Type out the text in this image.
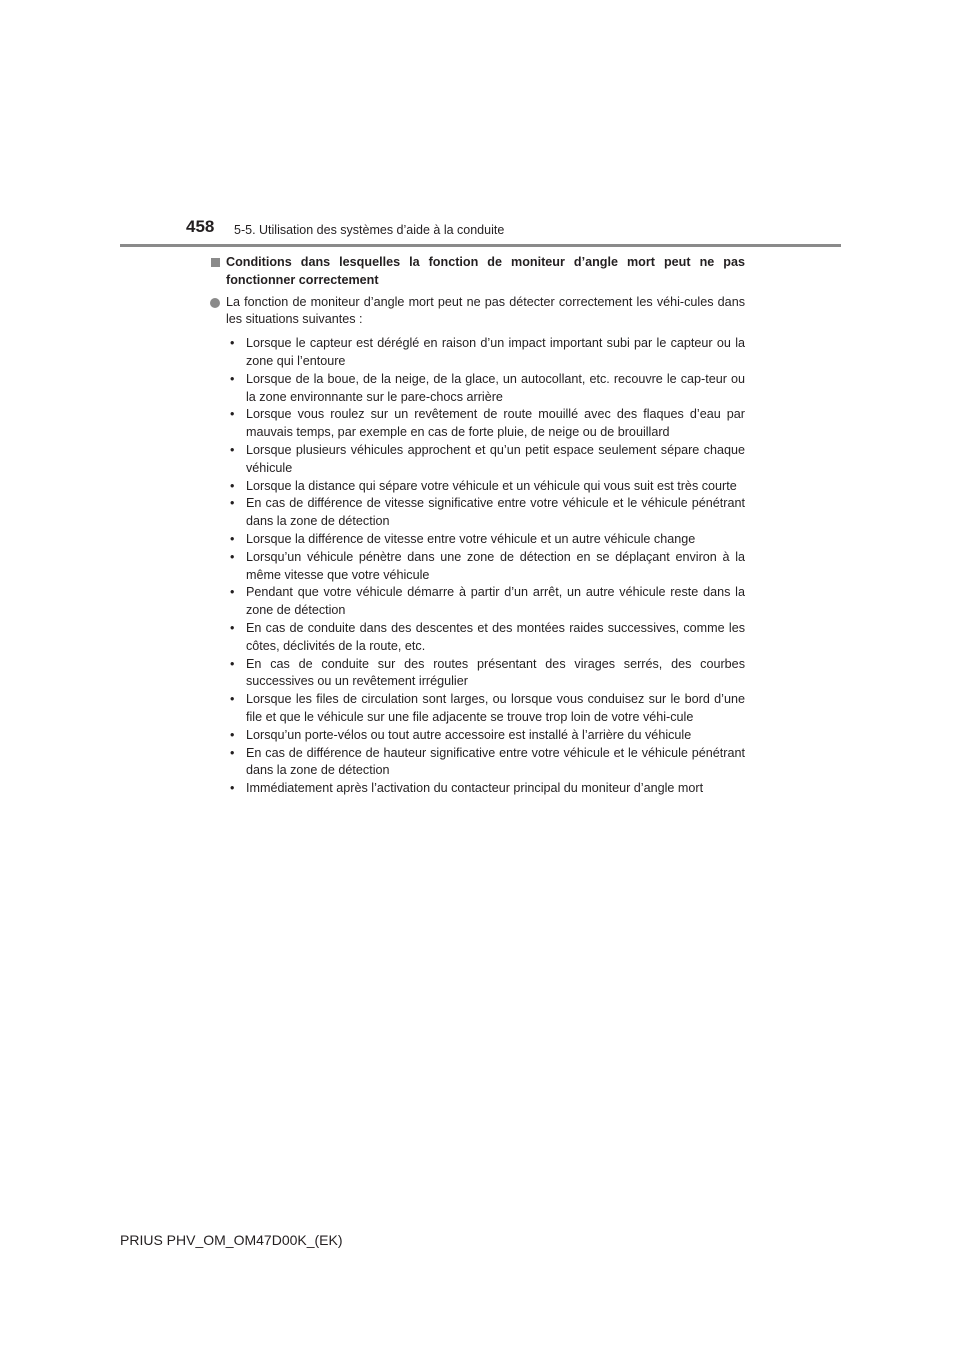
458 5-5. Utilisation des systèmes d’aide à la conduite
Conditions dans lesquelles la fonction de moniteur d’angle mort peut ne pas fonctionner correctement
La fonction de moniteur d’angle mort peut ne pas détecter correctement les véhi-cules dans les situations suivantes :
• Lorsque le capteur est déréglé en raison d’un impact important subi par le capteur ou la zone qui l’entoure
• Lorsque de la boue, de la neige, de la glace, un autocollant, etc. recouvre le cap-teur ou la zone environnante sur le pare-chocs arrière
• Lorsque vous roulez sur un revêtement de route mouillé avec des flaques d’eau par mauvais temps, par exemple en cas de forte pluie, de neige ou de brouillard
• Lorsque plusieurs véhicules approchent et qu’un petit espace seulement sépare chaque véhicule
• Lorsque la distance qui sépare votre véhicule et un véhicule qui vous suit est très courte
• En cas de différence de vitesse significative entre votre véhicule et le véhicule pénétrant dans la zone de détection
• Lorsque la différence de vitesse entre votre véhicule et un autre véhicule change
• Lorsqu’un véhicule pénètre dans une zone de détection en se déplaçant environ à la même vitesse que votre véhicule
• Pendant que votre véhicule démarre à partir d’un arrêt, un autre véhicule reste dans la zone de détection
• En cas de conduite dans des descentes et des montées raides successives, comme les côtes, déclivités de la route, etc.
• En cas de conduite sur des routes présentant des virages serrés, des courbes successives ou un revêtement irrégulier
• Lorsque les files de circulation sont larges, ou lorsque vous conduisez sur le bord d’une file et que le véhicule sur une file adjacente se trouve trop loin de votre véhi-cule
• Lorsqu’un porte-vélos ou tout autre accessoire est installé à l’arrière du véhicule
• En cas de différence de hauteur significative entre votre véhicule et le véhicule pénétrant dans la zone de détection
• Immédiatement après l’activation du contacteur principal du moniteur d’angle mort
PRIUS PHV_OM_OM47D00K_(EK)
